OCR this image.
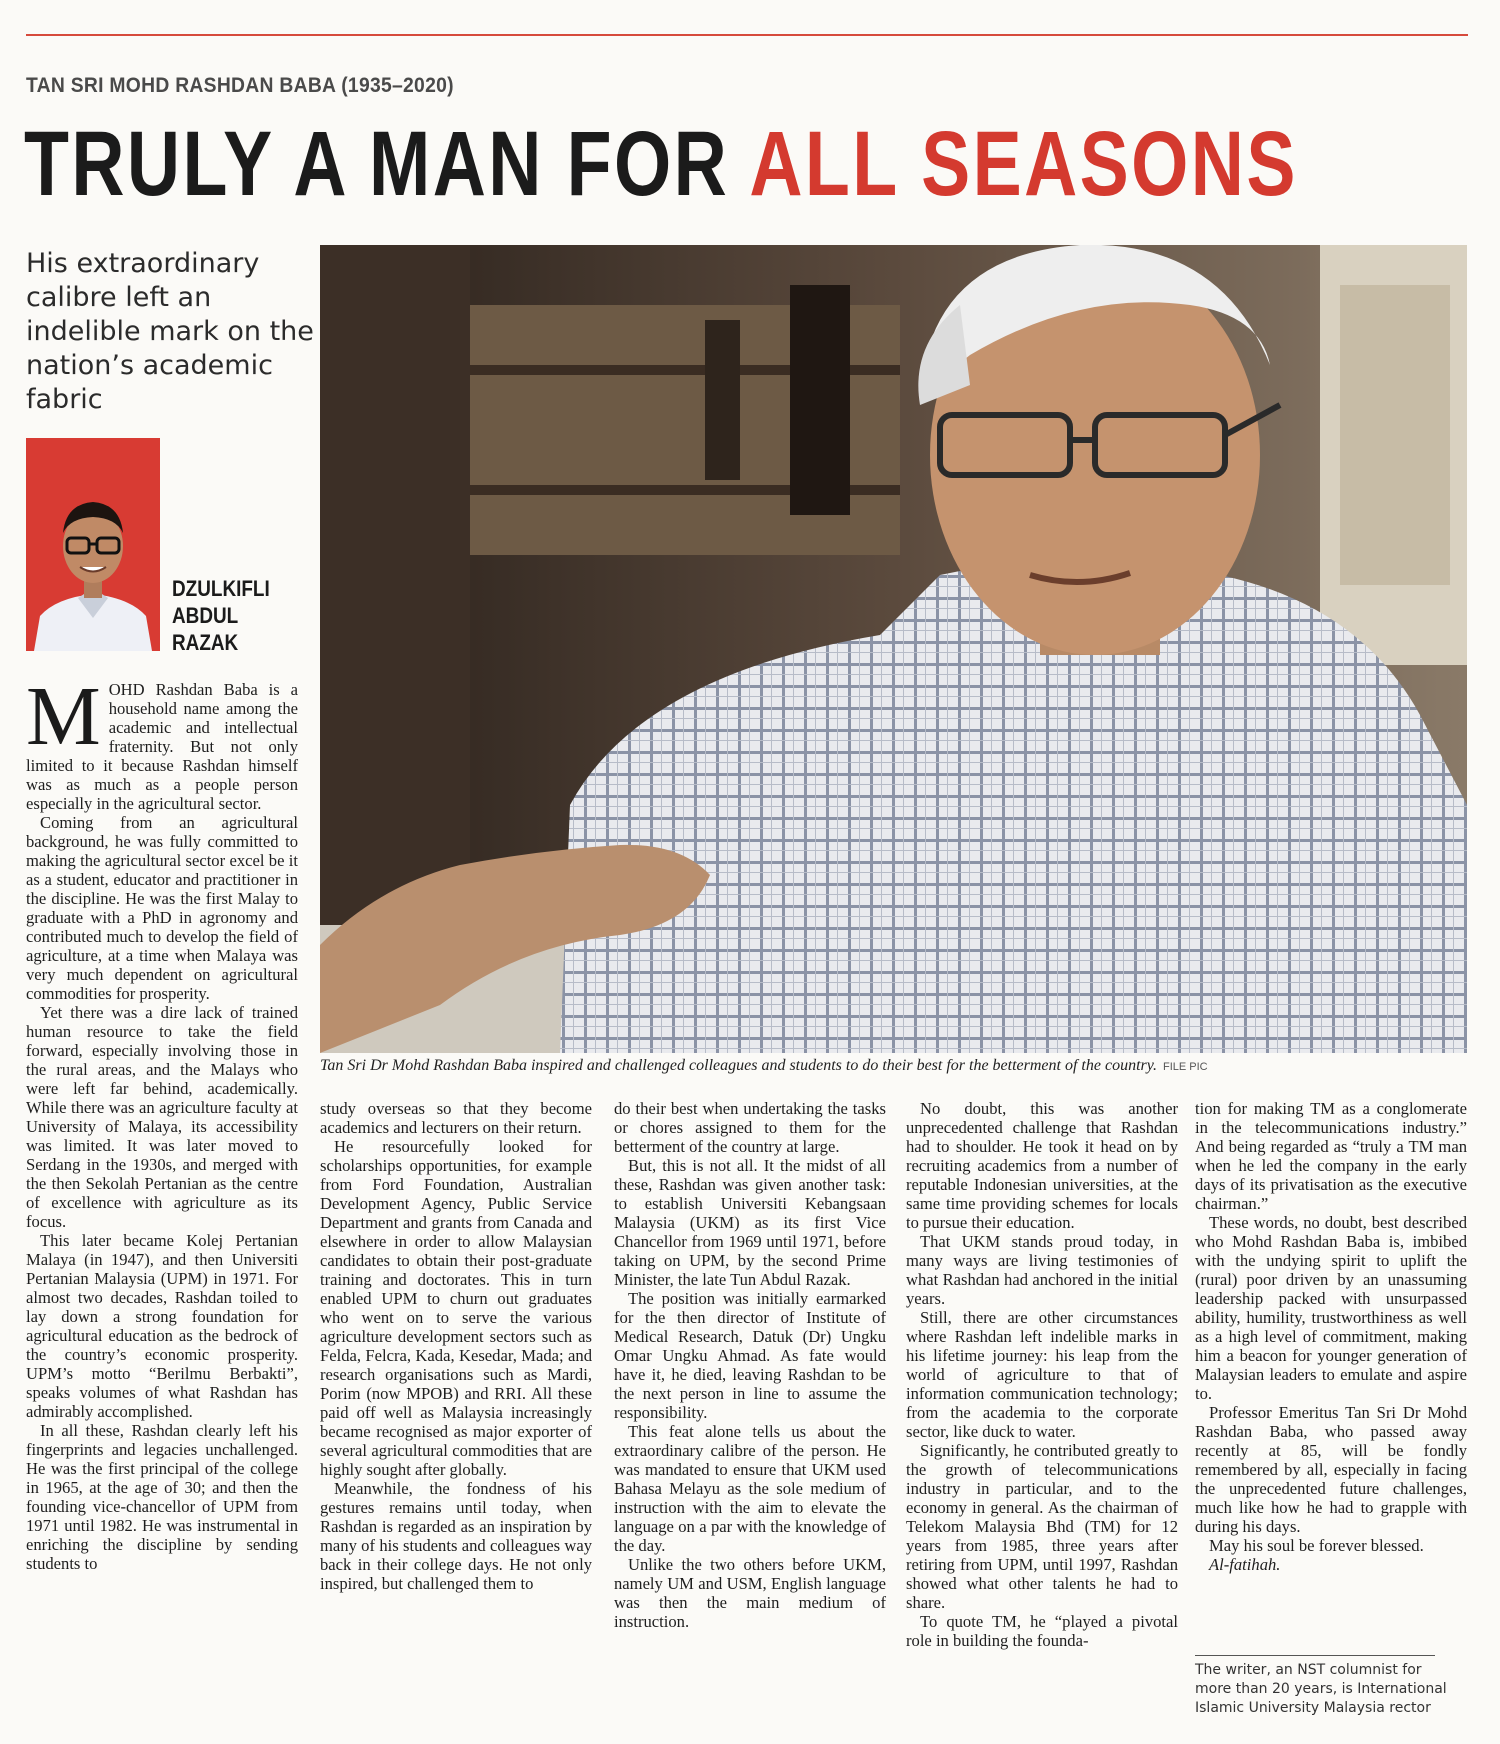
TAN SRI MOHD RASHDAN BABA (1935–2020)
TRULY A MAN FOR ALL SEASONS
His extraordinary calibre left an indelible mark on the nation’s academic fabric
DZULKIFLI
ABDUL
RAZAK
Tan Sri Dr Mohd Rashdan Baba inspired and challenged colleagues and students to do their best for the betterment of the country. FILE PIC

MOHD Rashdan Baba is a household name among the academic and intellectual fraternity. But not only limited to it because Rashdan himself was as much as a people person especially in the agricultural sector.

Coming from an agricultural background, he was fully committed to making the agricultural sector excel be it as a student, educator and practitioner in the discipline. He was the first Malay to graduate with a PhD in agronomy and contributed much to develop the field of agriculture, at a time when Malaya was very much dependent on agricultural commodities for prosperity.

Yet there was a dire lack of trained human resource to take the field forward, especially involving those in the rural areas, and the Malays who were left far behind, academically. While there was an agriculture faculty at University of Malaya, its accessibility was limited. It was later moved to Serdang in the 1930s, and merged with the then Sekolah Pertanian as the centre of excellence with agriculture as its focus.

This later became Kolej Pertanian Malaya (in 1947), and then Universiti Pertanian Malaysia (UPM) in 1971. For almost two decades, Rashdan toiled to lay down a strong foundation for agricultural education as the bedrock of the country’s economic prosperity. UPM’s motto “Berilmu Berbakti”, speaks volumes of what Rashdan has admirably accomplished.

In all these, Rashdan clearly left his fingerprints and legacies unchallenged. He was the first principal of the college in 1965, at the age of 30; and then the founding vice-chancellor of UPM from 1971 until 1982. He was instrumental in enriching the discipline by sending students to

study overseas so that they become academics and lecturers on their return.

He resourcefully looked for scholarships opportunities, for example from Ford Foundation, Australian Development Agency, Public Service Department and grants from Canada and elsewhere in order to allow Malaysian candidates to obtain their post-graduate training and doctorates. This in turn enabled UPM to churn out graduates who went on to serve the various agriculture development sectors such as Felda, Felcra, Kada, Kesedar, Mada; and research organisations such as Mardi, Porim (now MPOB) and RRI. All these paid off well as Malaysia increasingly became recognised as major exporter of several agricultural commodities that are highly sought after globally.

Meanwhile, the fondness of his gestures remains until today, when Rashdan is regarded as an inspiration by many of his students and colleagues way back in their college days. He not only inspired, but challenged them to

do their best when undertaking the tasks or chores assigned to them for the betterment of the country at large.

But, this is not all. It the midst of all these, Rashdan was given another task: to establish Universiti Kebangsaan Malaysia (UKM) as its first Vice Chancellor from 1969 until 1971, before taking on UPM, by the second Prime Minister, the late Tun Abdul Razak.

The position was initially earmarked for the then director of Institute of Medical Research, Datuk (Dr) Ungku Omar Ungku Ahmad. As fate would have it, he died, leaving Rashdan to be the next person in line to assume the responsibility.

This feat alone tells us about the extraordinary calibre of the person. He was mandated to ensure that UKM used Bahasa Melayu as the sole medium of instruction with the aim to elevate the language on a par with the knowledge of the day.

Unlike the two others before UKM, namely UM and USM, English language was then the main medium of instruction.

No doubt, this was another unprecedented challenge that Rashdan had to shoulder. He took it head on by recruiting academics from a number of reputable Indonesian universities, at the same time providing schemes for locals to pursue their education.

That UKM stands proud today, in many ways are living testimonies of what Rashdan had anchored in the initial years.

Still, there are other circumstances where Rashdan left indelible marks in his lifetime journey: his leap from the world of agriculture to that of information communication technology; from the academia to the corporate sector, like duck to water.

Significantly, he contributed greatly to the growth of telecommunications industry in particular, and to the economy in general. As the chairman of Telekom Malaysia Bhd (TM) for 12 years from 1985, three years after retiring from UPM, until 1997, Rashdan showed what other talents he had to share.

To quote TM, he “played a pivotal role in building the founda-

tion for making TM as a conglomerate in the telecommunications industry.” And being regarded as “truly a TM man when he led the company in the early days of its privatisation as the executive chairman.”

These words, no doubt, best described who Mohd Rashdan Baba is, imbibed with the undying spirit to uplift the (rural) poor driven by an unassuming leadership packed with unsurpassed ability, humility, trustworthiness as well as a high level of commitment, making him a beacon for younger generation of Malaysian leaders to emulate and aspire to.

Professor Emeritus Tan Sri Dr Mohd Rashdan Baba, who passed away recently at 85, will be fondly remembered by all, especially in facing the unprecedented future challenges, much like how he had to grapple with during his days.

May his soul be forever blessed.

Al-fatihah.

The writer, an NST columnist for more than 20 years, is International Islamic University Malaysia rector
